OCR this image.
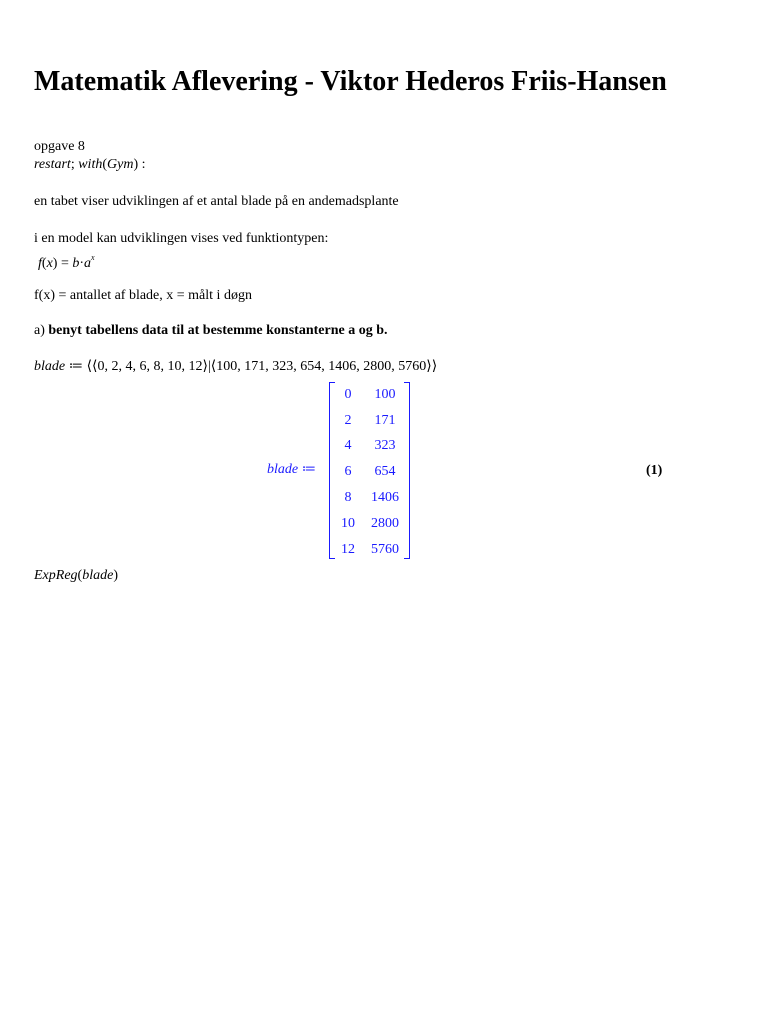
Matematik Aflevering - Viktor Hederos Friis-Hansen
opgave 8
restart; with(Gym) :
en tabet viser udviklingen af et antal blade på en andemadsplante
i en model kan udviklingen vises ved funktiontypen:
$f(x) = b\cdot a^x$
f(x) = antallet af blade, x = målt i døgn
a) benyt tabellens data til at bestemme konstanterne a og b.
blade ≔ ⟨⟨0, 2, 4, 6, 8, 10, 12⟩|⟨100, 171, 323, 654, 1406, 2800, 5760⟩⟩
blade ≔
0	100
2	171
4	323
6	654
8	1406
10	2800
12	5760
(1)
ExpReg(blade)
